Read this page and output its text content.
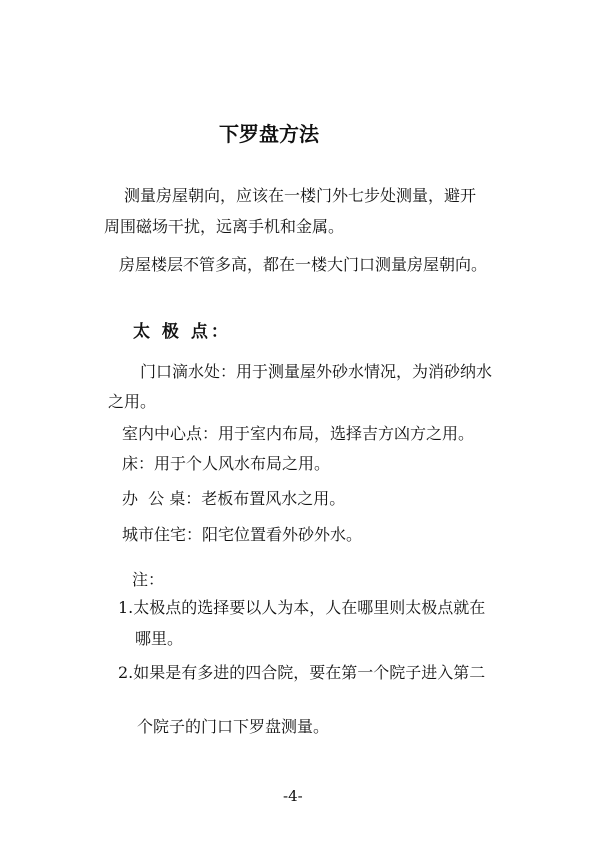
下罗盘方法
测量房屋朝向，应该在一楼门外七步处测量，避开
周围磁场干扰，远离手机和金属。
房屋楼层不管多高，都在一楼大门口测量房屋朝向。
太 极 点：
门口滴水处：用于测量屋外砂水情况，为消砂纳水
之用。
室内中心点：用于室内布局，选择吉方凶方之用。
床：用于个人风水布局之用。
办  公 桌：老板布置风水之用。
城市住宅：阳宅位置看外砂外水。
注：
1.太极点的选择要以人为本，人在哪里则太极点就在
哪里。
2.如果是有多进的四合院，要在第一个院子进入第二
个院子的门口下罗盘测量。
-4-
